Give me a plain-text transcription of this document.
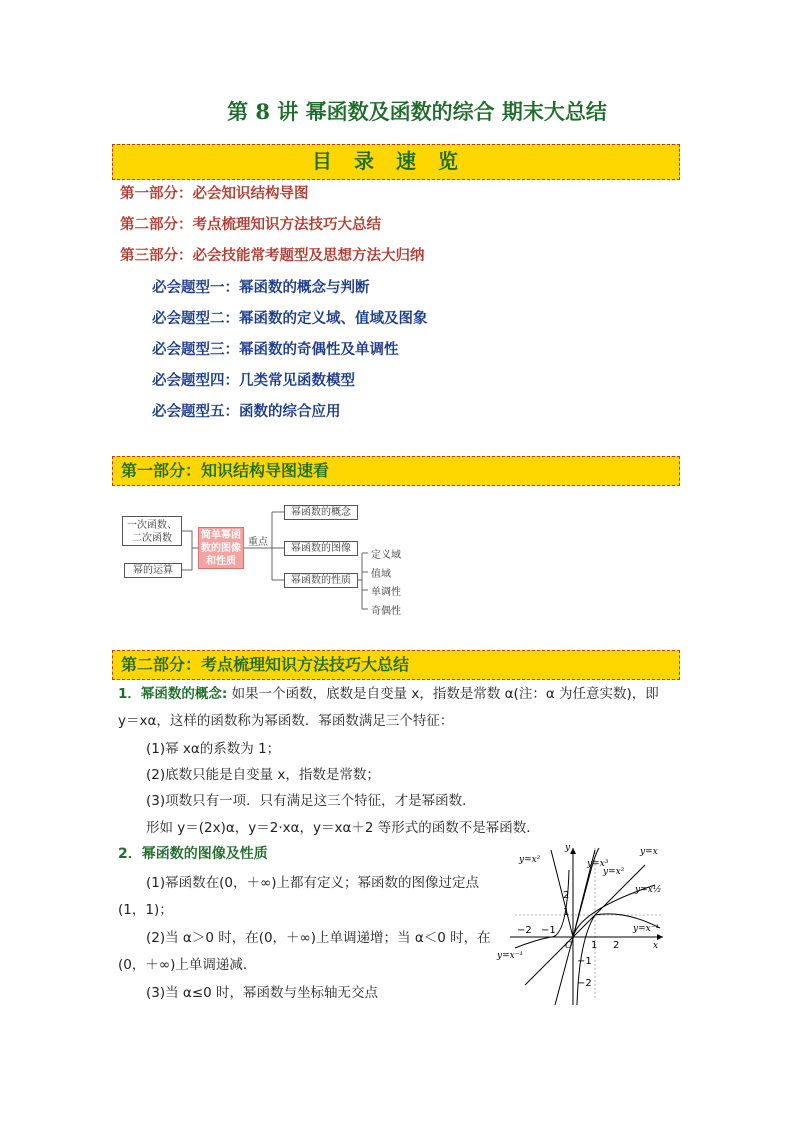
第 8 讲 幂函数及函数的综合 期末大总结
目录速览
第一部分：必会知识结构导图
第二部分：考点梳理知识方法技巧大总结
第三部分：必会技能常考题型及思想方法大归纳
必会题型一：幂函数的概念与判断
必会题型二：幂函数的定义域、值域及图象
必会题型三：幂函数的奇偶性及单调性
必会题型四：几类常见函数模型
必会题型五：函数的综合应用
第一部分：知识结构导图速看
一次函数、二次函数
幂的运算
简单幂函数的图像和性质
重点
幂函数的概念
幂函数的图像
幂函数的性质
定义域
值域
单调性
奇偶性
第二部分：考点梳理知识方法技巧大总结
1．幂函数的概念: 如果一个函数，底数是自变量 x，指数是常数 α(注：α 为任意实数)，即
y＝xα，这样的函数称为幂函数．幂函数满足三个特征：
(1)幂 xα的系数为 1；
(2)底数只能是自变量 x，指数是常数；
(3)项数只有一项．只有满足这三个特征，才是幂函数．
形如 y＝(2x)α，y＝2·xα，y＝xα＋2 等形式的函数不是幂函数．
2．幂函数的图像及性质
(1)幂函数在(0，＋∞)上都有定义；幂函数的图像过定点
(1，1)；
(2)当 α＞0 时，在(0，＋∞)上单调递增；当 α＜0 时，在
(0，＋∞)上单调递减．
(3)当 α≤0 时，幂函数与坐标轴无交点
y=x²	y=x³
y=x²
y=x
y=x½
y=x⁻¹
y=x⁻¹
x
y
O
−2 −1
1 2
2
1
−1
−2
